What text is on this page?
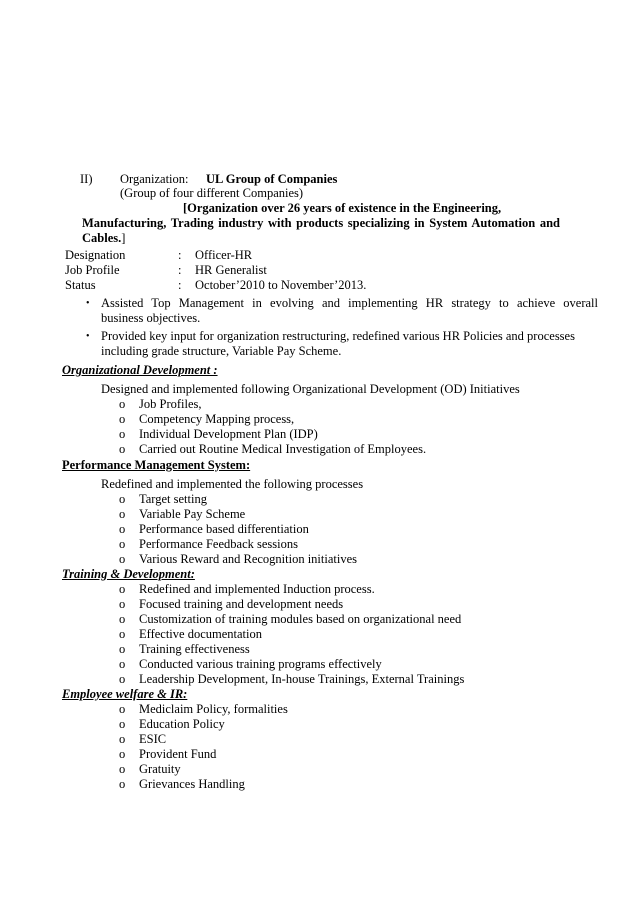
II) Organization: UL Group of Companies
(Group of four different Companies)
[Organization over 26 years of existence in the Engineering,
Manufacturing, Trading industry with products specializing in System Automation and
Cables.]
Designation	: Officer-HR
Job Profile	: HR Generalist
Status	: October’2010 to November’2013.
• Assisted Top Management in evolving and implementing HR strategy to achieve overall
business objectives.
• Provided key input for organization restructuring, redefined various HR Policies and processes
including grade structure, Variable Pay Scheme.
Organizational Development :
Designed and implemented following Organizational Development (OD) Initiatives
o Job Profiles,
o Competency Mapping process,
o Individual Development Plan (IDP)
o Carried out Routine Medical Investigation of Employees.
Performance Management System:
Redefined and implemented the following processes
o Target setting
o Variable Pay Scheme
o Performance based differentiation
o Performance Feedback sessions
o Various Reward and Recognition initiatives
Training & Development:
o Redefined and implemented Induction process.
o Focused training and development needs
o Customization of training modules based on organizational need
o Effective documentation
o Training effectiveness
o Conducted various training programs effectively
o Leadership Development, In-house Trainings, External Trainings
Employee welfare & IR:
o Mediclaim Policy, formalities
o Education Policy
o ESIC
o Provident Fund
o Gratuity
o Grievances Handling
